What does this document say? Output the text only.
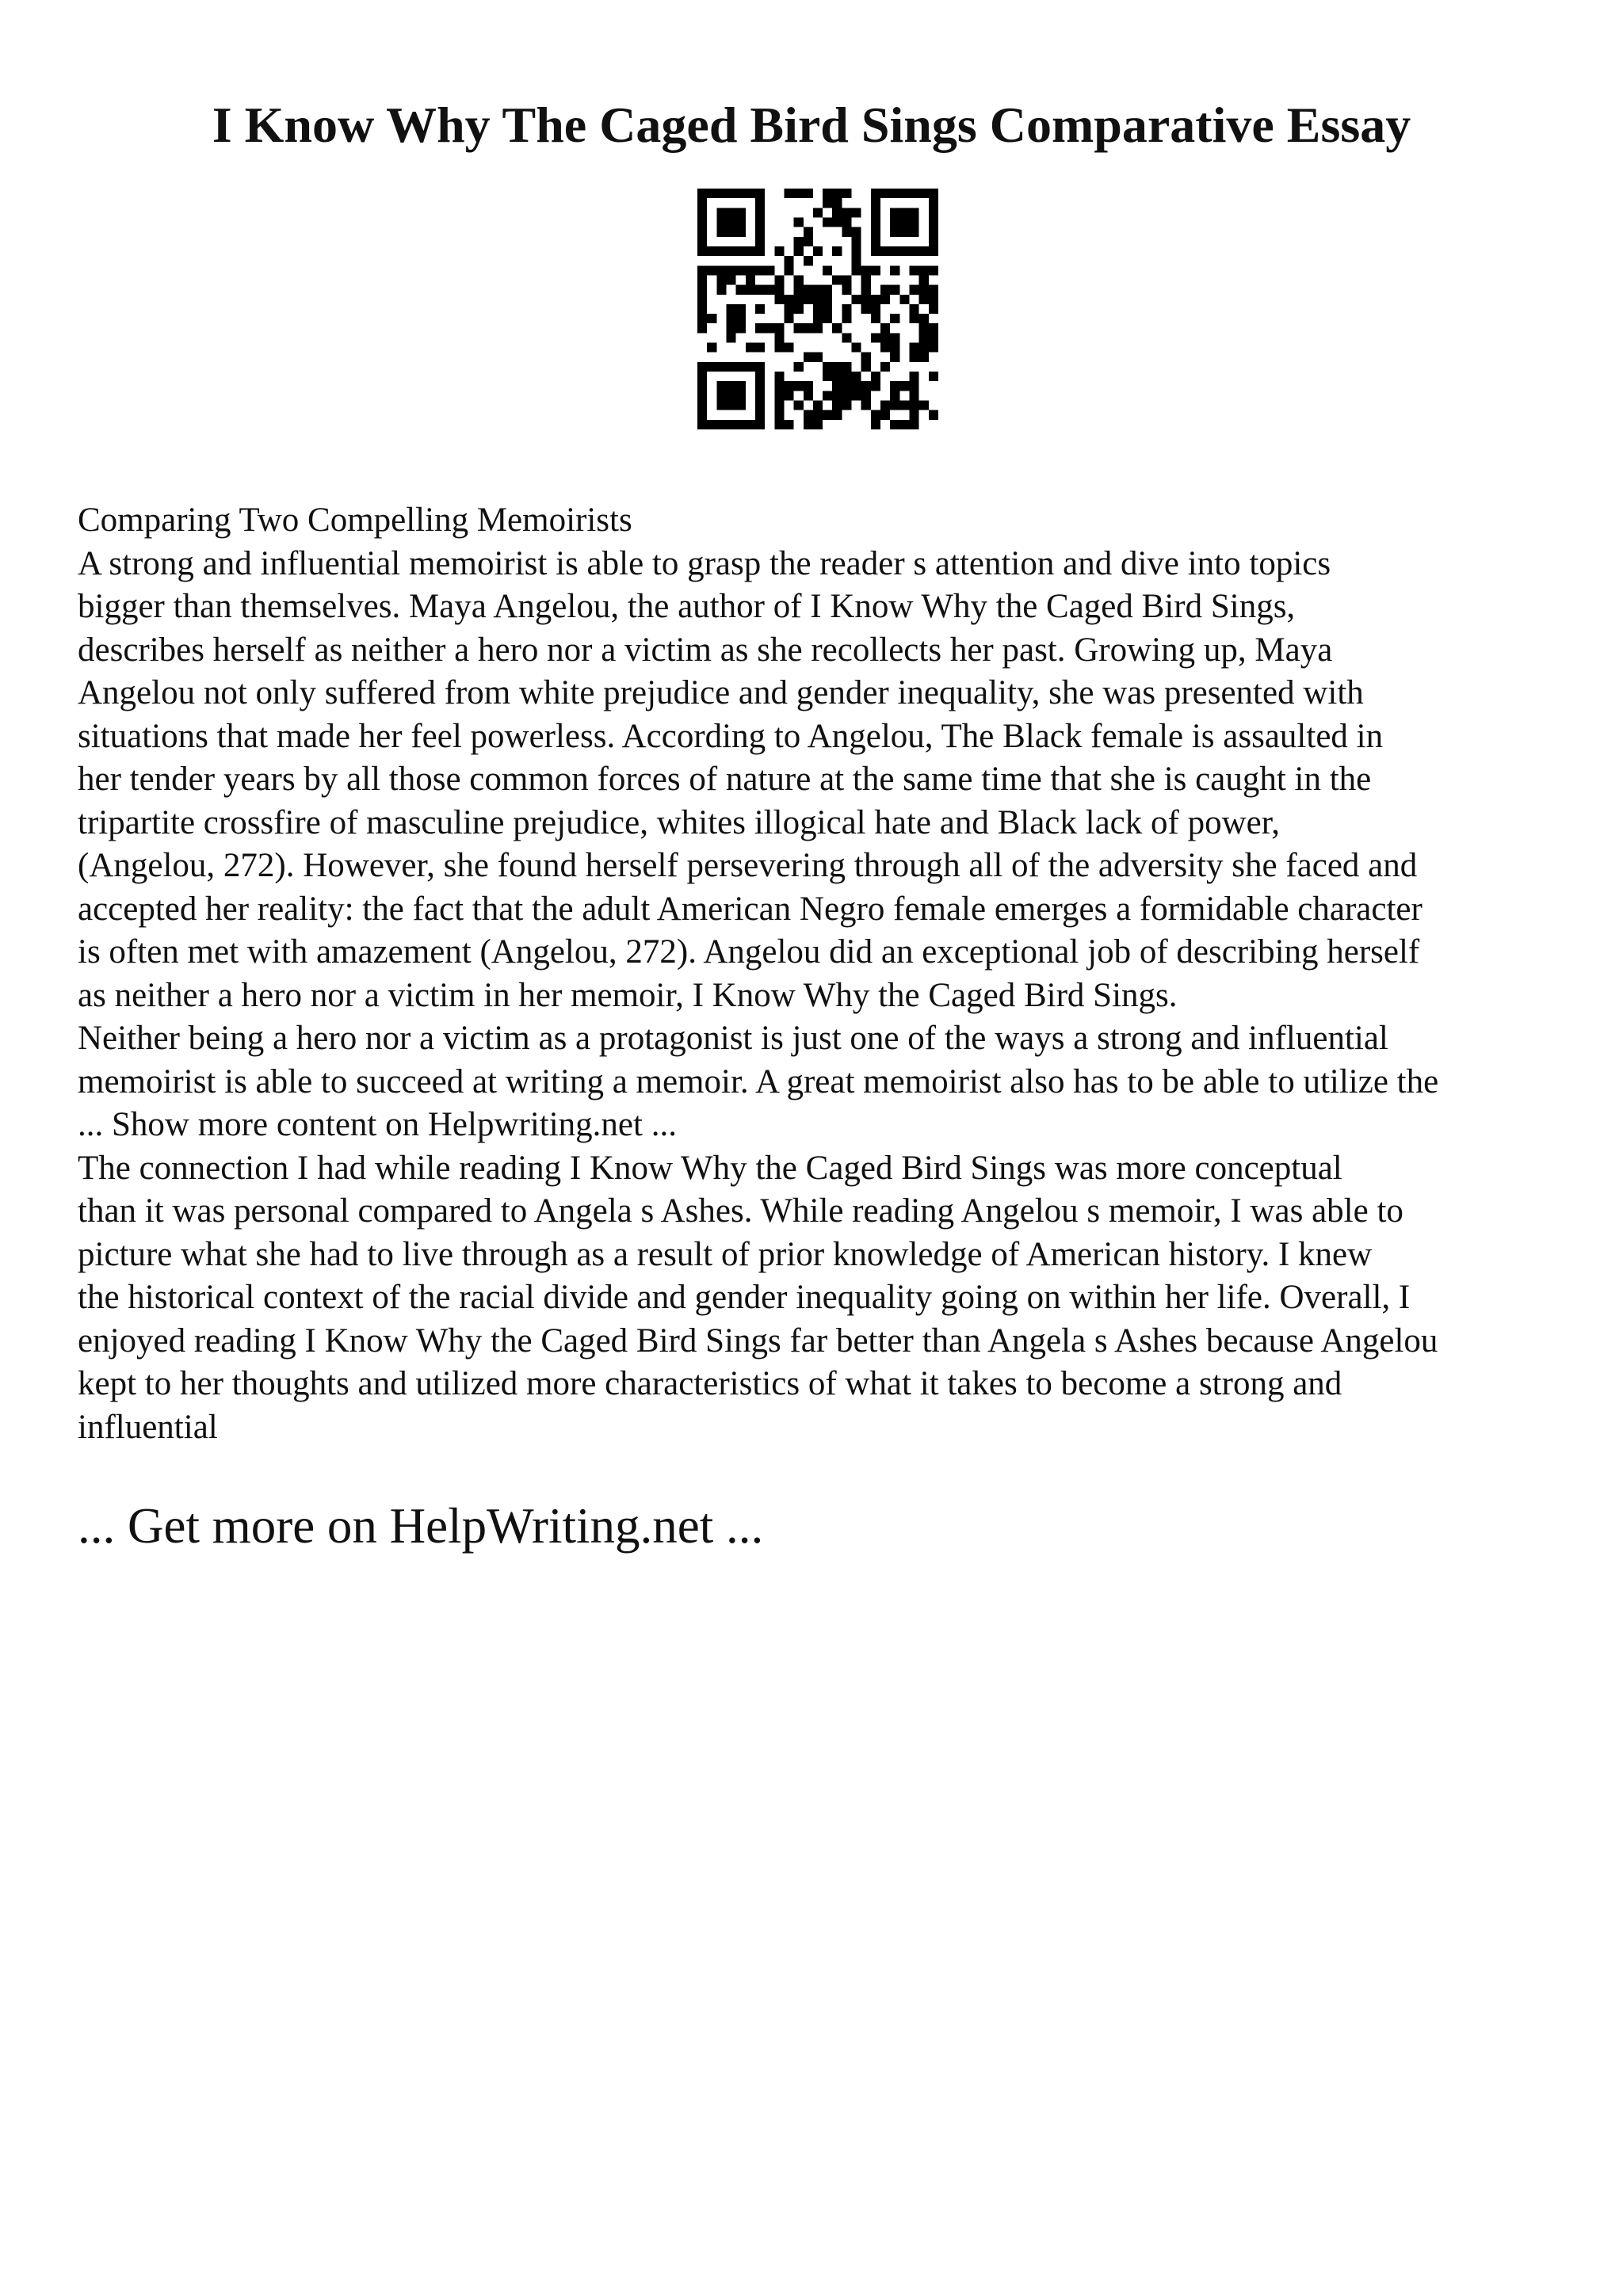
I Know Why The Caged Bird Sings Comparative Essay
Comparing Two Compelling Memoirists
A strong and influential memoirist is able to grasp the reader s attention and dive into topics
bigger than themselves. Maya Angelou, the author of I Know Why the Caged Bird Sings,
describes herself as neither a hero nor a victim as she recollects her past. Growing up, Maya
Angelou not only suffered from white prejudice and gender inequality, she was presented with
situations that made her feel powerless. According to Angelou, The Black female is assaulted in
her tender years by all those common forces of nature at the same time that she is caught in the
tripartite crossfire of masculine prejudice, whites illogical hate and Black lack of power,
(Angelou, 272). However, she found herself persevering through all of the adversity she faced and
accepted her reality: the fact that the adult American Negro female emerges a formidable character
is often met with amazement (Angelou, 272). Angelou did an exceptional job of describing herself
as neither a hero nor a victim in her memoir, I Know Why the Caged Bird Sings.
Neither being a hero nor a victim as a protagonist is just one of the ways a strong and influential
memoirist is able to succeed at writing a memoir. A great memoirist also has to be able to utilize the
... Show more content on Helpwriting.net ...
The connection I had while reading I Know Why the Caged Bird Sings was more conceptual
than it was personal compared to Angela s Ashes. While reading Angelou s memoir, I was able to
picture what she had to live through as a result of prior knowledge of American history. I knew
the historical context of the racial divide and gender inequality going on within her life. Overall, I
enjoyed reading I Know Why the Caged Bird Sings far better than Angela s Ashes because Angelou
kept to her thoughts and utilized more characteristics of what it takes to become a strong and
influential
... Get more on HelpWriting.net ...
